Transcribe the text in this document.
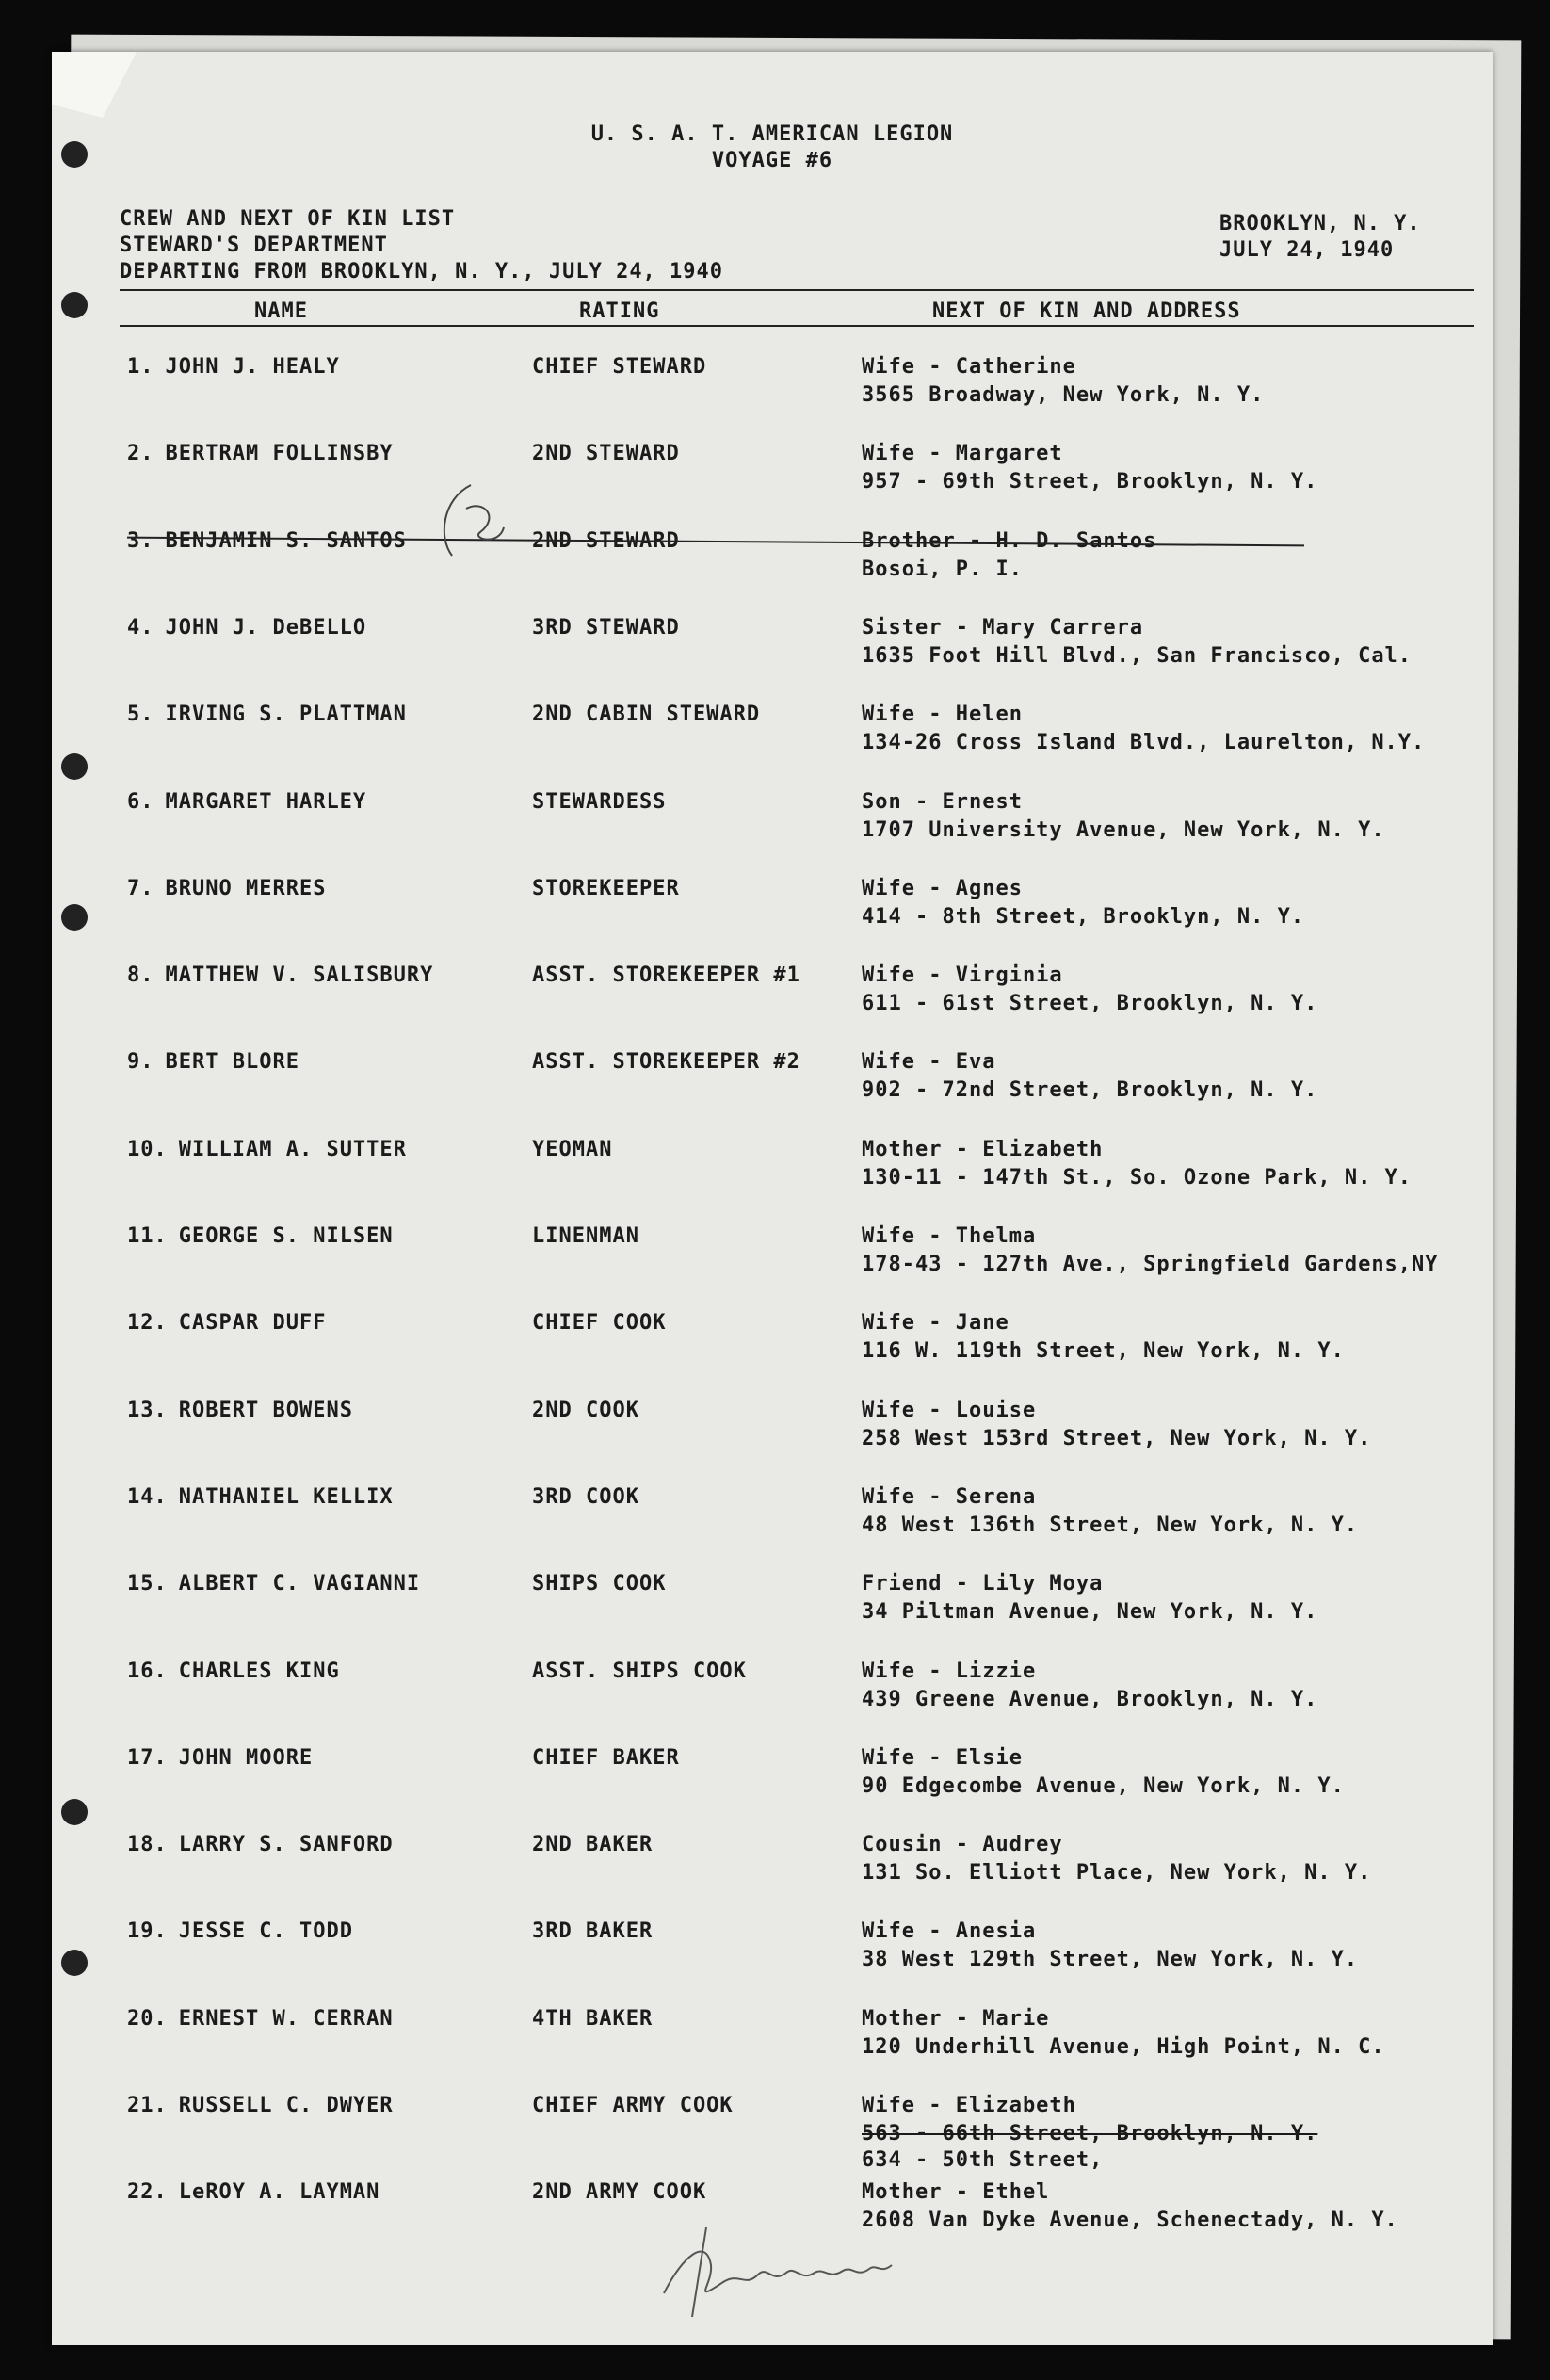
U. S. A. T. AMERICAN LEGION
VOYAGE #6
CREW AND NEXT OF KIN LIST
STEWARD'S DEPARTMENT
DEPARTING FROM BROOKLYN, N. Y., JULY 24, 1940
BROOKLYN, N. Y.
JULY 24, 1940
NAME	RATING	NEXT OF KIN AND ADDRESS
1. JOHN J. HEALY	CHIEF STEWARD	Wife - Catherine
3565 Broadway, New York, N. Y.
2. BERTRAM FOLLINSBY	2ND STEWARD	Wife - Margaret
957 - 69th Street, Brooklyn, N. Y.
3. BENJAMIN S. SANTOS	2ND STEWARD	Brother - H. D. Santos
Bosoi, P. I.
4. JOHN J. DeBELLO	3RD STEWARD	Sister - Mary Carrera
1635 Foot Hill Blvd., San Francisco, Cal.
5. IRVING S. PLATTMAN	2ND CABIN STEWARD	Wife - Helen
134-26 Cross Island Blvd., Laurelton, N.Y.
6. MARGARET HARLEY	STEWARDESS	Son - Ernest
1707 University Avenue, New York, N. Y.
7. BRUNO MERRES	STOREKEEPER	Wife - Agnes
414 - 8th Street, Brooklyn, N. Y.
8. MATTHEW V. SALISBURY	ASST. STOREKEEPER #1	Wife - Virginia
611 - 61st Street, Brooklyn, N. Y.
9. BERT BLORE	ASST. STOREKEEPER #2	Wife - Eva
902 - 72nd Street, Brooklyn, N. Y.
10. WILLIAM A. SUTTER	YEOMAN	Mother - Elizabeth
130-11 - 147th St., So. Ozone Park, N. Y.
11. GEORGE S. NILSEN	LINENMAN	Wife - Thelma
178-43 - 127th Ave., Springfield Gardens,NY
12. CASPAR DUFF	CHIEF COOK	Wife - Jane
116 W. 119th Street, New York, N. Y.
13. ROBERT BOWENS	2ND COOK	Wife - Louise
258 West 153rd Street, New York, N. Y.
14. NATHANIEL KELLIX	3RD COOK	Wife - Serena
48 West 136th Street, New York, N. Y.
15. ALBERT C. VAGIANNI	SHIPS COOK	Friend - Lily Moya
34 Piltman Avenue, New York, N. Y.
16. CHARLES KING	ASST. SHIPS COOK	Wife - Lizzie
439 Greene Avenue, Brooklyn, N. Y.
17. JOHN MOORE	CHIEF BAKER	Wife - Elsie
90 Edgecombe Avenue, New York, N. Y.
18. LARRY S. SANFORD	2ND BAKER	Cousin - Audrey
131 So. Elliott Place, New York, N. Y.
19. JESSE C. TODD	3RD BAKER	Wife - Anesia
38 West 129th Street, New York, N. Y.
20. ERNEST W. CERRAN	4TH BAKER	Mother - Marie
120 Underhill Avenue, High Point, N. C.
21. RUSSELL C. DWYER	CHIEF ARMY COOK	Wife - Elizabeth
563 - 66th Street, Brooklyn, N. Y.
634 - 50th Street,
22. LeROY A. LAYMAN	2ND ARMY COOK	Mother - Ethel
2608 Van Dyke Avenue, Schenectady, N. Y.
